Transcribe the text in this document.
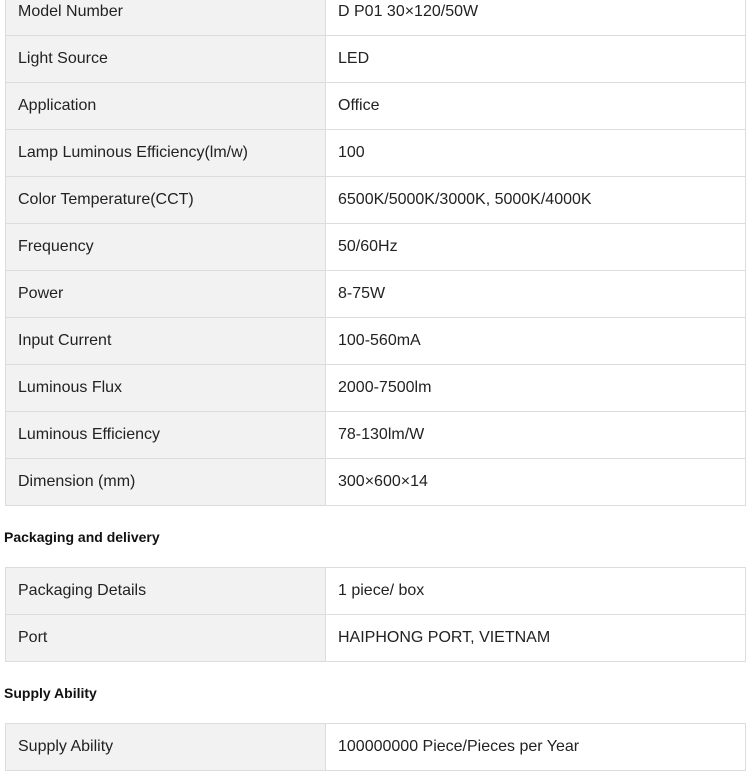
Model Number	D P01 30×120/50W
Light Source	LED
Application	Office
Lamp Luminous Efficiency(lm/w)	100
Color Temperature(CCT)	6500K/5000K/3000K, 5000K/4000K
Frequency	50/60Hz
Power	8-75W
Input Current	100-560mA
Luminous Flux	2000-7500lm
Luminous Efficiency	78-130lm/W
Dimension (mm)	300×600×14
Packaging and delivery
Packaging Details	1 piece/ box
Port	HAIPHONG PORT, VIETNAM
Supply Ability
Supply Ability	100000000 Piece/Pieces per Year
